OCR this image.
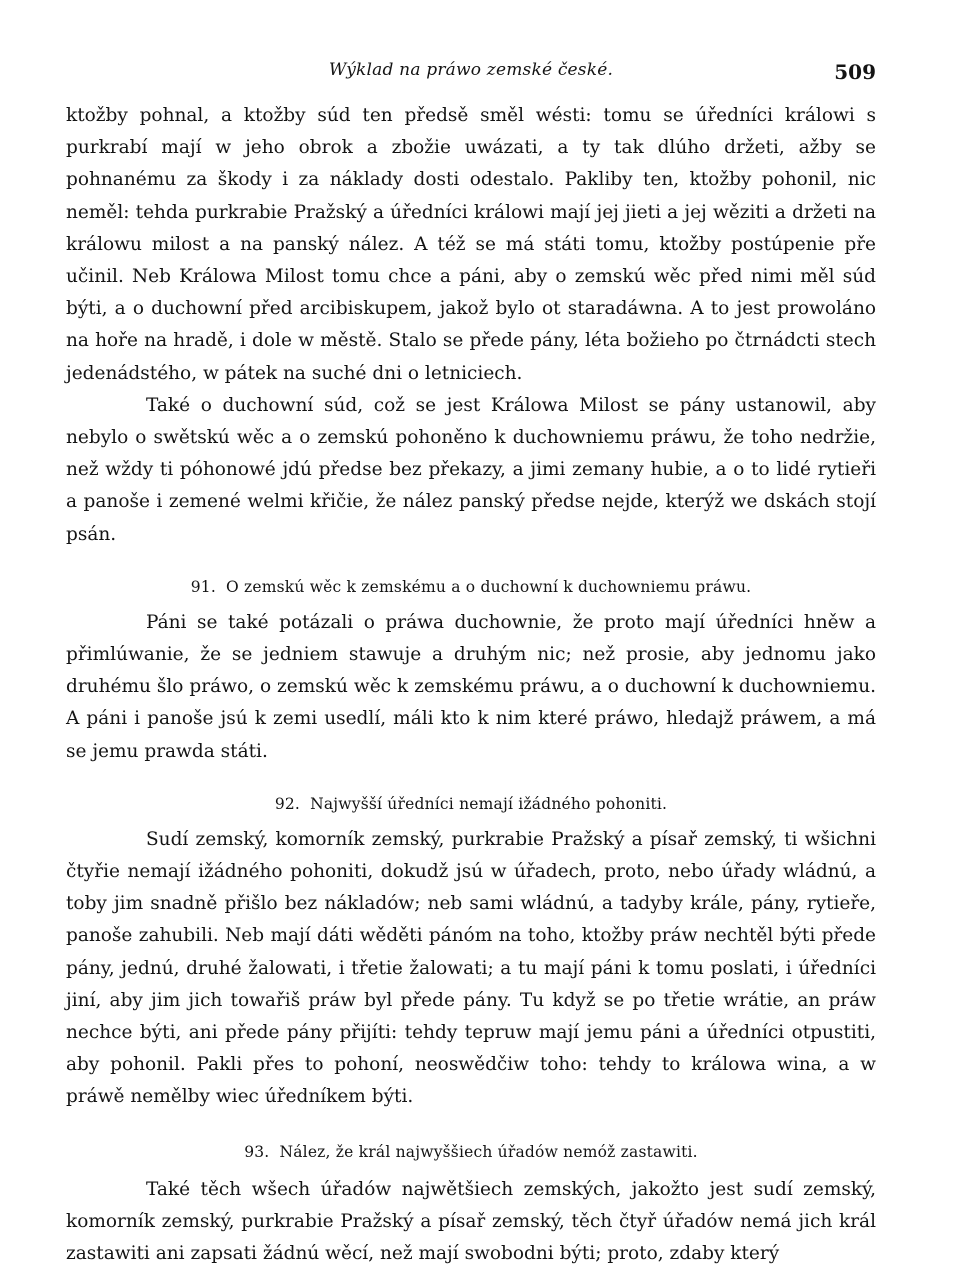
Wýklad na práwo zemské české.	509

ktožby pohnal, a ktožby súd ten předsě směl wésti: tomu se úředníci králowi s purkrabí mají w jeho obrok a zbožie uwázati, a ty tak dlúho držeti, ažby se pohnanému za škody i za náklady dosti odestalo. Pakliby ten, ktožby pohonil, nic neměl: tehda purkrabie Pražský a úředníci králowi mají jej jieti a jej wěziti a držeti na králowu milost a na panský nález. A též se má státi tomu, ktožby postúpenie pře učinil. Neb Králowa Milost tomu chce a páni, aby o zemskú wěc před nimi měl súd býti, a o duchowní před arcibiskupem, jakož bylo ot staradáwna. A to jest prowoláno na hoře na hradě, i dole w městě. Stalo se přede pány, léta božieho po čtrnádcti stech jedenádstého, w pátek na suché dni o letniciech.

Také o duchowní súd, což se jest Králowa Milost se pány ustanowil, aby nebylo o swětskú wěc a o zemskú pohoněno k duchowniemu práwu, že toho nedržie, než wždy ti póhonowé jdú předse bez překazy, a jimi zemany hubie, a o to lidé rytieři a panoše i zemené welmi křičie, že nález panský předse nejde, kterýž we dskách stojí psán.

91. O zemskú wěc k zemskému a o duchowní k duchowniemu práwu.

Páni se také potázali o práwa duchownie, že proto mají úředníci hněw a přimlúwanie, že se jedniem stawuje a druhým nic; než prosie, aby jednomu jako druhému šlo práwo, o zemskú wěc k zemskému práwu, a o duchowní k duchowniemu. A páni i panoše jsú k zemi usedlí, máli kto k nim které práwo, hledajž práwem, a má se jemu prawda státi.

92. Najwyšší úředníci nemají ižádného pohoniti.

Sudí zemský, komorník zemský, purkrabie Pražský a písař zemský, ti wšichni čtyřie nemají ižádného pohoniti, dokudž jsú w úřadech, proto, nebo úřady wládnú, a toby jim snadně přišlo bez nákladów; neb sami wládnú, a tadyby krále, pány, rytieře, panoše zahubili. Neb mají dáti wěděti pánóm na toho, ktožby práw nechtěl býti přede pány, jednú, druhé žalowati, i třetie žalowati; a tu mají páni k tomu poslati, i úředníci jiní, aby jim jich towařiš práw byl přede pány. Tu když se po třetie wrátie, an práw nechce býti, ani přede pány přijíti: tehdy tepruw mají jemu páni a úředníci otpustiti, aby pohonil. Pakli přes to pohoní, neoswědčiw toho: tehdy to králowa wina, a w práwě nemělby wiec úředníkem býti.

93. Nález, že král najwyššiech úřadów nemóž zastawiti.

Také těch wšech úřadów najwětšiech zemských, jakožto jest sudí zemský, komorník zemský, purkrabie Pražský a písař zemský, těch čtyř úřadów nemá jich král zastawiti ani zapsati žádnú wěcí, než mají swobodni býti; proto, zdaby který
